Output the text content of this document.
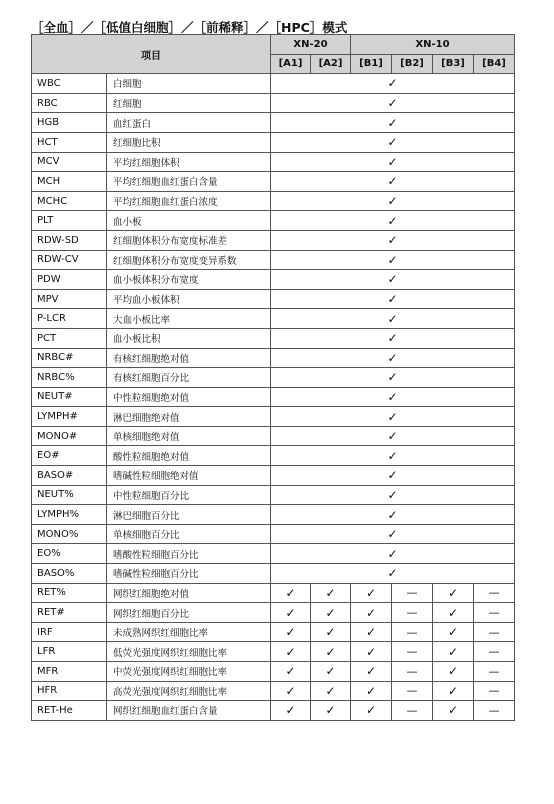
［全血］／［低值白细胞］／［前稀释］／［HPC］模式
项目		XN-20		XN-10			
		[A1]	[A2]	[B1]	[B2]	[B3]	[B4]
WBC	白细胞	✓					
RBC	红细胞	✓					
HGB	血红蛋白	✓					
HCT	红细胞比积	✓					
MCV	平均红细胞体积	✓					
MCH	平均红细胞血红蛋白含量	✓					
MCHC	平均红细胞血红蛋白浓度	✓					
PLT	血小板	✓					
RDW-SD	红细胞体积分布宽度标准差	✓					
RDW-CV	红细胞体积分布宽度变异系数	✓					
PDW	血小板体积分布宽度	✓					
MPV	平均血小板体积	✓					
P-LCR	大血小板比率	✓					
PCT	血小板比积	✓					
NRBC#	有核红细胞绝对值	✓					
NRBC%	有核红细胞百分比	✓					
NEUT#	中性粒细胞绝对值	✓					
LYMPH#	淋巴细胞绝对值	✓					
MONO#	单核细胞绝对值	✓					
EO#	酸性粒细胞绝对值	✓					
BASO#	嗜碱性粒细胞绝对值	✓					
NEUT%	中性粒细胞百分比	✓					
LYMPH%	淋巴细胞百分比	✓					
MONO%	单核细胞百分比	✓					
EO%	嗜酸性粒细胞百分比	✓					
BASO%	嗜碱性粒细胞百分比	✓					
RET%	网织红细胞绝对值	✓	✓	✓	—	✓	—
RET#	网织红细胞百分比	✓	✓	✓	—	✓	—
IRF	未成熟网织红细胞比率	✓	✓	✓	—	✓	—
LFR	低荧光强度网织红细胞比率	✓	✓	✓	—	✓	—
MFR	中荧光强度网织红细胞比率	✓	✓	✓	—	✓	—
HFR	高荧光强度网织红细胞比率	✓	✓	✓	—	✓	—
RET-He	网织红细胞血红蛋白含量	✓	✓	✓	—	✓	—
